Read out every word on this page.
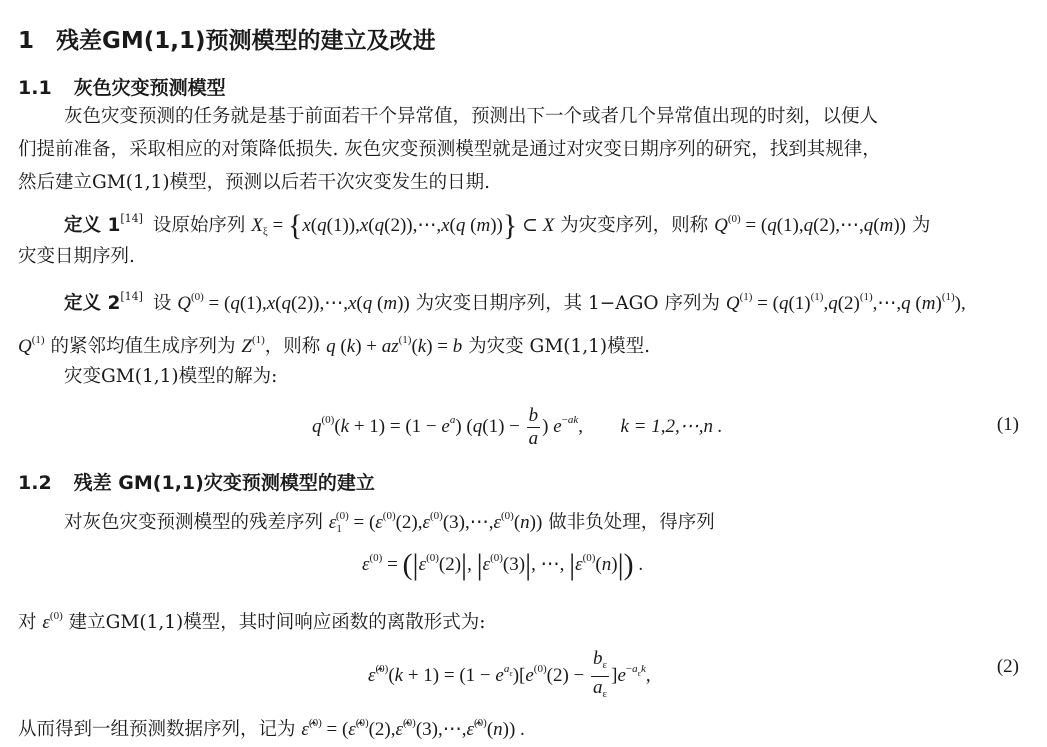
1 残差GM(1,1)预测模型的建立及改进
1.1 灰色灾变预测模型
灰色灾变预测的任务就是基于前面若干个异常值，预测出下一个或者几个异常值出现的时刻，以便人
们提前准备，采取相应的对策降低损失. 灰色灾变预测模型就是通过对灾变日期序列的研究，找到其规律，
然后建立GM(1,1)模型，预测以后若干次灾变发生的日期.
定义 1[14] 设原始序列 $X_\xi$ = {x(q(1)),x(q(2)),⋯,x(q (m))} ⊂ X 为灾变序列，则称 $Q^{(0)}$ = (q(1),q(2),⋯,q(m)) 为
灾变日期序列.
定义 2[14] 设 $Q^{(0)}$ = (q(1),x(q(2)),⋯,x(q (m)) 为灾变日期序列，其 1−AGO 序列为 $Q^{(1)}$ = ($q(1)^{(1)},q(2)^{(1)},\cdots,q$ $(m)^{(1)}$),
$Q^{(1)}$ 的紧邻均值生成序列为 $Z^{(1)}$，则称 q $(k) + az^{(1)}(k) = b$ 为灾变 GM(1,1)模型.
灾变GM(1,1)模型的解为:
$q^{(0)}(k + 1) = (1 - e^a) (q(1) - \frac{b}{a}$ ) $e^{-ak}$, k = 1,2,⋯,n .	(1)
1.2 残差 GM(1,1)灾变预测模型的建立
对灰色灾变预测模型的残差序列 $\varepsilon_1^{(0)}$ = $(\varepsilon^{(0)}(2),\varepsilon^{(0)}(3),\cdots,\varepsilon^{(0)}(n))$ 做非负处理，得序列
$\varepsilon^{(0)} = (|\varepsilon^{(0)}(2)|$, $|\varepsilon^{(0)}(3)|$, ⋯, $|\varepsilon^{(0)}(n)|$) .
对 $\varepsilon^{(0)}$ 建立GM(1,1)模型，其时间响应函数的离散形式为:
ε̂$^{(0)}$(k + $1) = (1 - e^{a_\varepsilon})[e^{(0)}(2) - \frac{b_\varepsilon}{a_\varepsilon} ]e^{-a_\varepsilon k}$,	(2)
从而得到一组预测数据序列，记为 ε̂$^{(0)}$ = (ε̂$^{(0)}$(2),ε̂$^{(0)}$(3),⋯,ε̂$^{(0)}$(n)) .
